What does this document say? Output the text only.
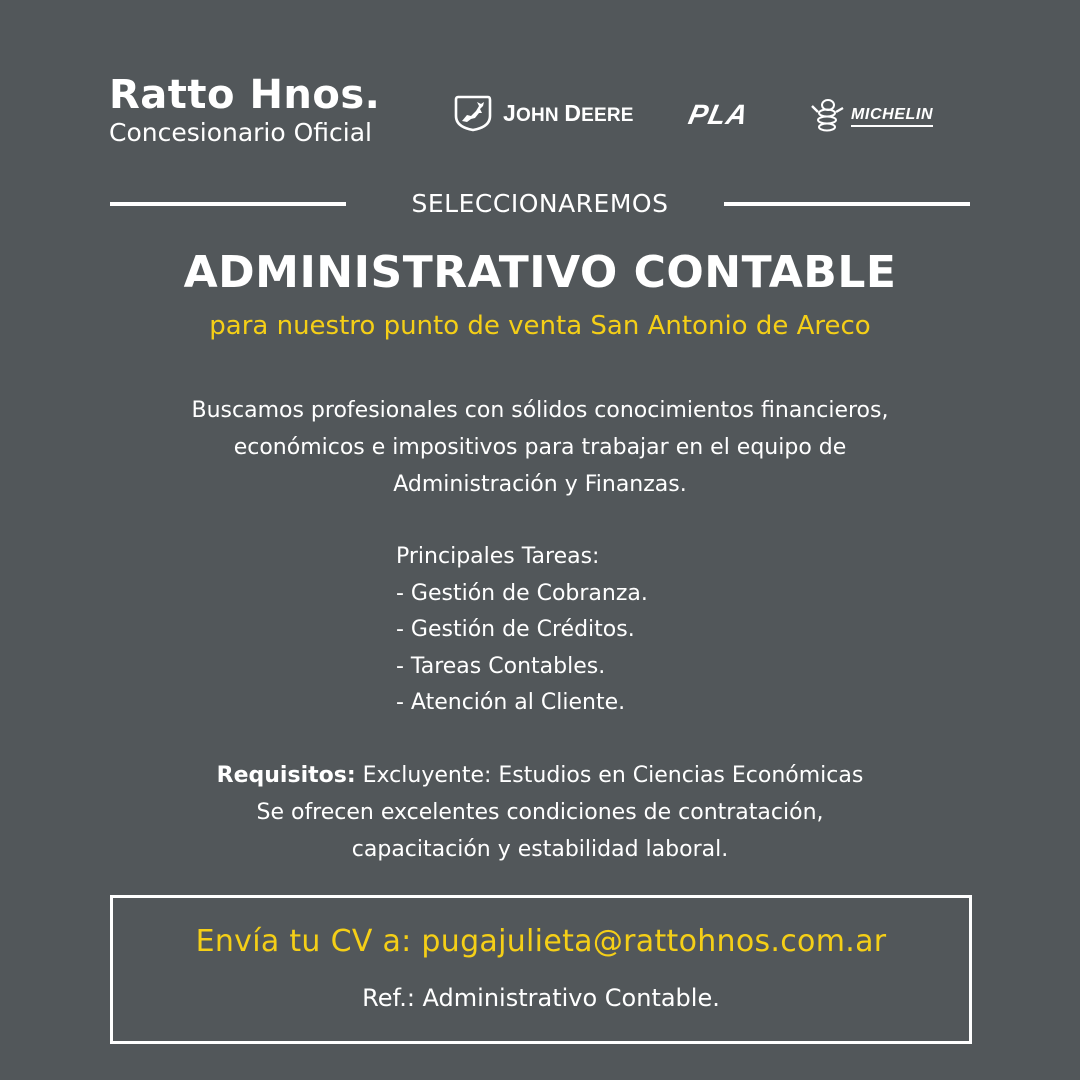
Ratto Hnos.
Concesionario Oficial
JOHN DEERE PLA	MICHELIN
SELECCIONAREMOS
ADMINISTRATIVO CONTABLE
para nuestro punto de venta San Antonio de Areco
Buscamos profesionales con sólidos conocimientos financieros,
económicos e impositivos para trabajar en el equipo de
Administración y Finanzas.
Principales Tareas:
- Gestión de Cobranza.
- Gestión de Créditos.
- Tareas Contables.
- Atención al Cliente.
Requisitos: Excluyente: Estudios en Ciencias Económicas
Se ofrecen excelentes condiciones de contratación,
capacitación y estabilidad laboral.
Envía tu CV a: pugajulieta@rattohnos.com.ar
Ref.: Administrativo Contable.
